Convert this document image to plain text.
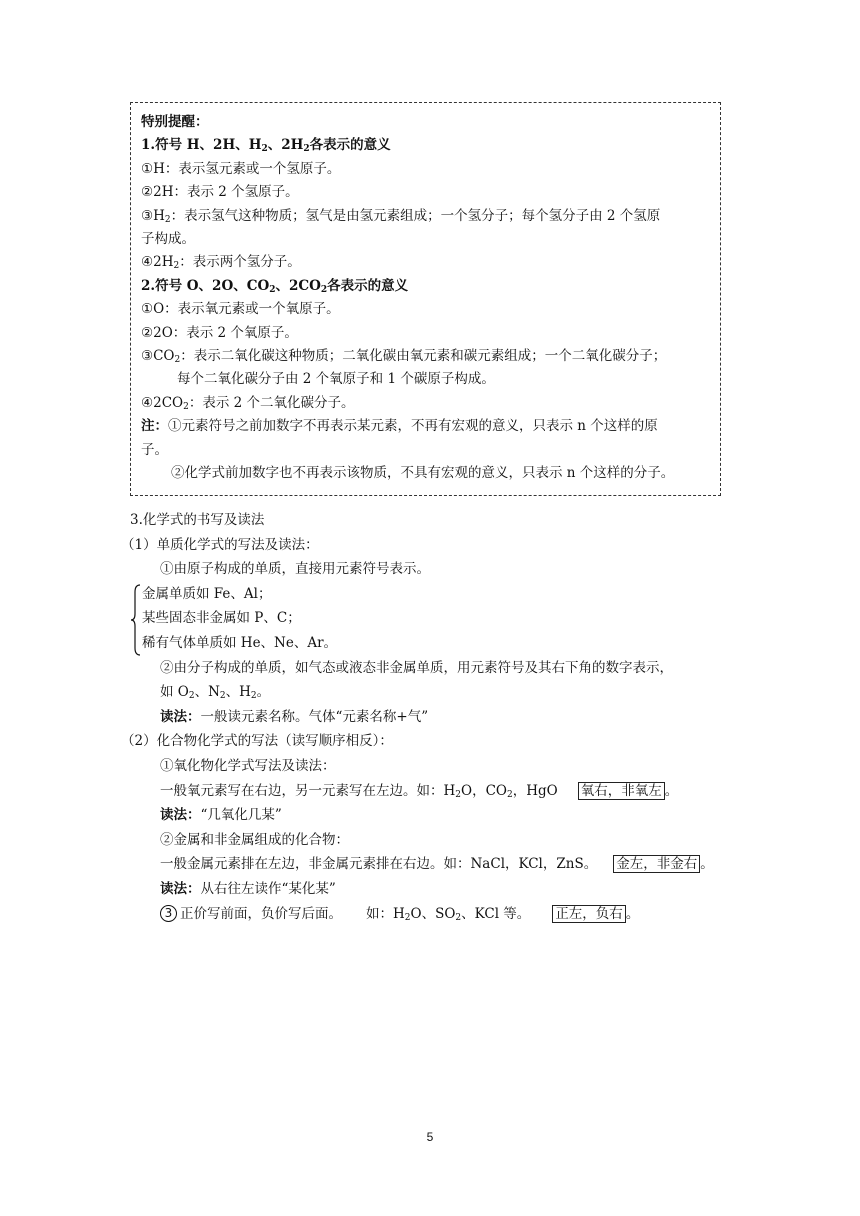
特别提醒：

1.符号 H、2H、$H_2$、$2H_2$各表示的意义

①H：表示氢元素或一个氢原子。

②2H：表示 2 个氢原子。

$③H_2$：表示氢气这种物质；氢气是由氢元素组成；一个氢分子；每个氢分子由 2 个氢原

子构成。

$④2H_2$：表示两个氢分子。

2.符号 O、2O、$CO_2$、$2CO_2$各表示的意义

①O：表示氧元素或一个氧原子。

②2O：表示 2 个氧原子。

$③CO_2$：表示二氧化碳这种物质；二氧化碳由氧元素和碳元素组成；一个二氧化碳分子；

每个二氧化碳分子由 2 个氧原子和 1 个碳原子构成。

$④2CO_2$：表示 2 个二氧化碳分子。

注：①元素符号之前加数字不再表示某元素，不再有宏观的意义，只表示 n 个这样的原

子。

②化学式前加数字也不再表示该物质，不具有宏观的意义，只表示 n 个这样的分子。

3.化学式的书写及读法

（1）单质化学式的写法及读法：

①由原子构成的单质，直接用元素符号表示。

金属单质如 Fe、Al；

某些固态非金属如 P、C；

稀有气体单质如 He、Ne、Ar。

②由分子构成的单质，如气态或液态非金属单质，用元素符号及其右下角的数字表示，

如 $O_2$、$N_2$、$H_2$。

读法：一般读元素名称。气体“元素名称+气”

（2）化合物化学式的写法（读写顺序相反）：

①氧化物化学式写法及读法：

一般氧元素写在右边，另一元素写在左边。如：$H_2O$，$CO_2$，HgO 氧右，非氧左 。

读法：“几氧化几某”

②金属和非金属组成的化合物：

一般金属元素排在左边，非金属元素排在右边。如：NaCl，KCl，ZnS。 金左，非金右 。

读法：从右往左读作“某化某”

3 正价写前面，负价写后面。 如：$H_2O$、$SO_2$、KCl 等。 正左，负右 。

5
